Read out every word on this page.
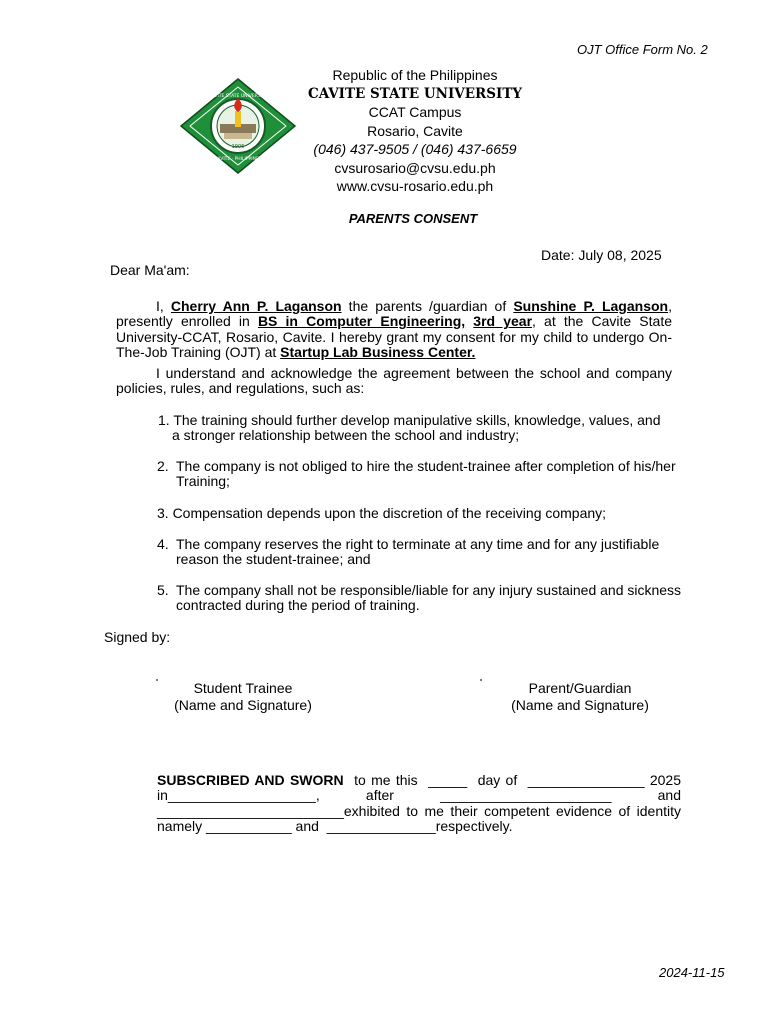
OJT Office Form No. 2
1906
CAVITE STATE UNIVERSITY
CAVITE · PHILIPPINES
Republic of the Philippines
CAVITE STATE UNIVERSITY
CCAT Campus
Rosario, Cavite
(046) 437-9505 / (046) 437-6659
cvsurosario@cvsu.edu.ph
www.cvsu-rosario.edu.ph
PARENTS CONSENT
Date: July 08, 2025
Dear Ma'am:
I, Cherry Ann P. Laganson the parents /guardian of Sunshine P. Laganson, presently enrolled in BS in Computer Engineering, 3rd year, at the Cavite State University-CCAT, Rosario, Cavite. I hereby grant my consent for my child to undergo On-The-Job Training (OJT) at Startup Lab Business Center.
I understand and acknowledge the agreement between the school and company policies, rules, and regulations, such as:
1. The training should further develop manipulative skills, knowledge, values, and
a stronger relationship between the school and industry;
2. The company is not obliged to hire the student-trainee after completion of his/her Training;
3. Compensation depends upon the discretion of the receiving company;
4. The company reserves the right to terminate at any time and for any justifiable reason the student-trainee; and
5. The company shall not be responsible/liable for any injury sustained and sickness contracted during the period of training.
Signed by:
Student Trainee
(Name and Signature)
Parent/Guardian
(Name and Signature)
SUBSCRIBED AND SWORN  to me this  _____  day of  _______________ 2025  in___________________,  after  ______________________  and ________________________exhibited to me their competent evidence of identity namely ___________ and  ______________respectively.
2024-11-15
